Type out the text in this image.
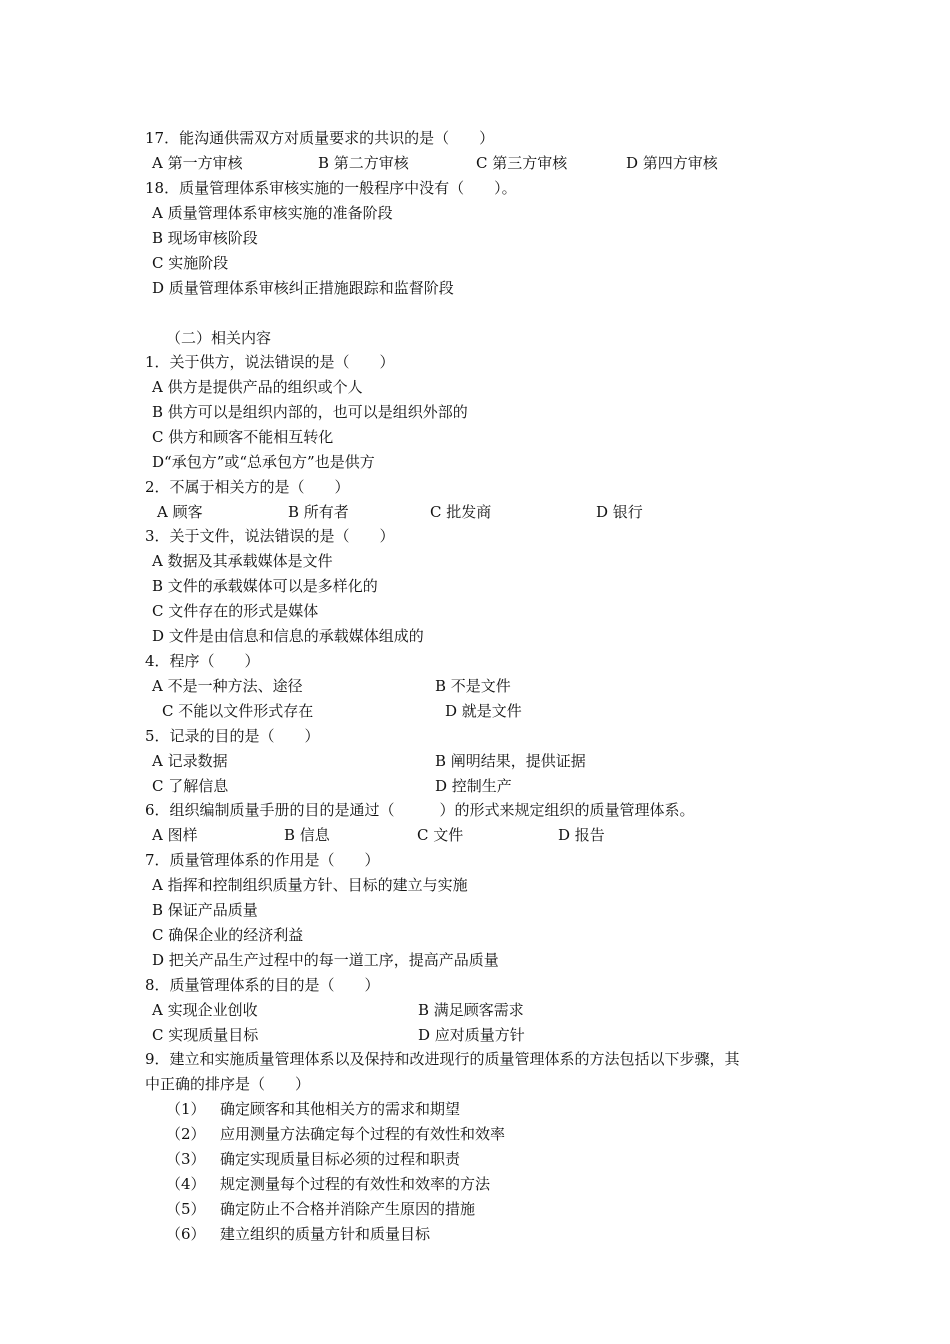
17．能沟通供需双方对质量要求的共识的是（　　）
A 第一方审核	B 第二方审核	C 第三方审核	D 第四方审核
18．质量管理体系审核实施的一般程序中没有（　　）。
A 质量管理体系审核实施的准备阶段
B 现场审核阶段
C 实施阶段
D 质量管理体系审核纠正措施跟踪和监督阶段
（二）相关内容
1．关于供方，说法错误的是（　　）
A 供方是提供产品的组织或个人
B 供方可以是组织内部的，也可以是组织外部的
C 供方和顾客不能相互转化
D“承包方”或“总承包方”也是供方
2．不属于相关方的是（　　）
A 顾客	B 所有者	C 批发商	D 银行
3．关于文件，说法错误的是（　　）
A 数据及其承载媒体是文件
B 文件的承载媒体可以是多样化的
C 文件存在的形式是媒体
D 文件是由信息和信息的承载媒体组成的
4．程序（　　）
A 不是一种方法、途径	B 不是文件
C 不能以文件形式存在	D 就是文件
5．记录的目的是（　　）
A 记录数据	B 阐明结果，提供证据
C 了解信息	D 控制生产
6．组织编制质量手册的目的是通过（　　　）的形式来规定组织的质量管理体系。
A 图样	B 信息	C 文件	D 报告
7．质量管理体系的作用是（　　）
A 指挥和控制组织质量方针、目标的建立与实施
B 保证产品质量
C 确保企业的经济利益
D 把关产品生产过程中的每一道工序，提高产品质量
8．质量管理体系的目的是（　　）
A 实现企业创收	B 满足顾客需求
C 实现质量目标	D 应对质量方针
9．建立和实施质量管理体系以及保持和改进现行的质量管理体系的方法包括以下步骤，其
中正确的排序是（　　）
（1） 确定顾客和其他相关方的需求和期望
（2） 应用测量方法确定每个过程的有效性和效率
（3） 确定实现质量目标必须的过程和职责
（4） 规定测量每个过程的有效性和效率的方法
（5） 确定防止不合格并消除产生原因的措施
（6） 建立组织的质量方针和质量目标
